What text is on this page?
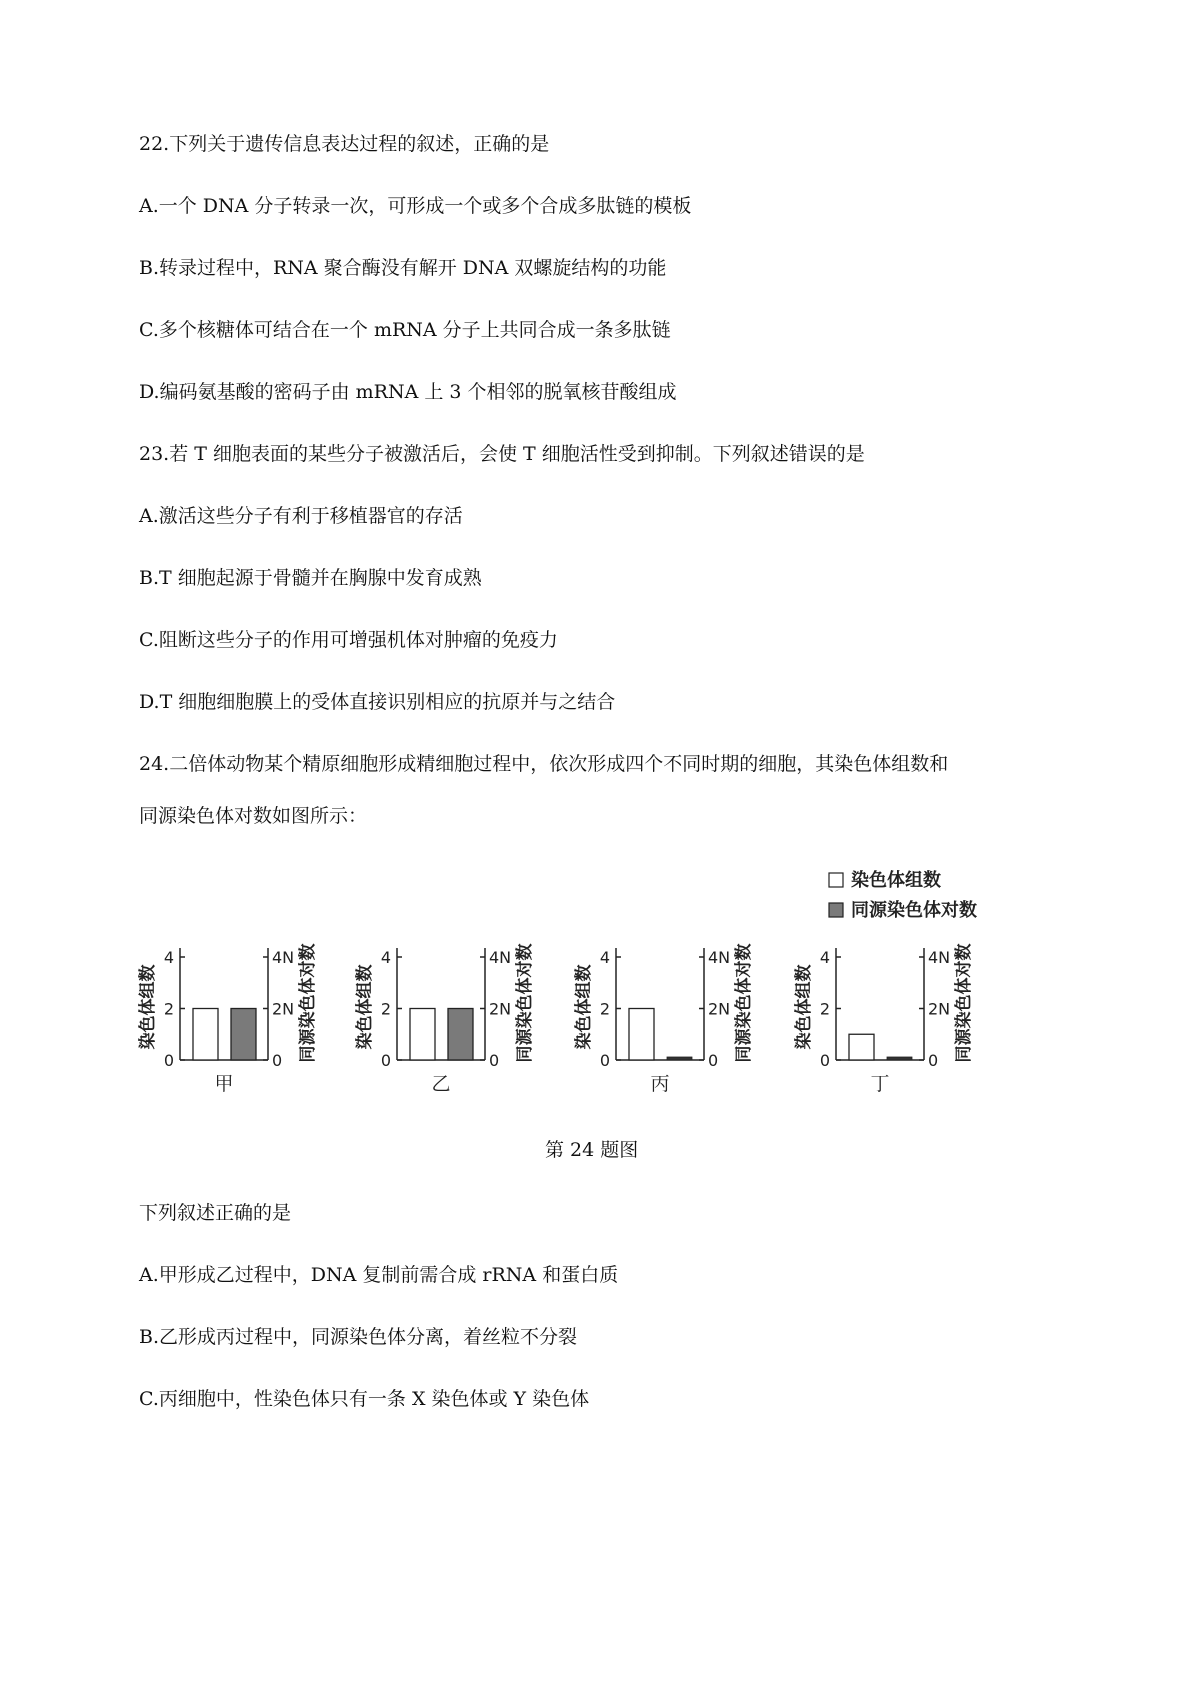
22.下列关于遗传信息表达过程的叙述，正确的是
A.一个 DNA 分子转录一次，可形成一个或多个合成多肽链的模板
B.转录过程中，RNA 聚合酶没有解开 DNA 双螺旋结构的功能
C.多个核糖体可结合在一个 mRNA 分子上共同合成一条多肽链
D.编码氨基酸的密码子由 mRNA 上 3 个相邻的脱氧核苷酸组成
23.若 T 细胞表面的某些分子被激活后，会使 T 细胞活性受到抑制。下列叙述错误的是
A.激活这些分子有利于移植器官的存活
B.T 细胞起源于骨髓并在胸腺中发育成熟
C.阻断这些分子的作用可增强机体对肿瘤的免疫力
D.T 细胞细胞膜上的受体直接识别相应的抗原并与之结合
24.二倍体动物某个精原细胞形成精细胞过程中，依次形成四个不同时期的细胞，其染色体组数和
同源染色体对数如图所示：
染色体组数
同源染色体对数
0	0
2	2N
4	4N
染色体组数	同源染色体对数
甲
0	0
2	2N
4	4N
染色体组数	同源染色体对数
乙
0	0
2	2N
4	4N
染色体组数	同源染色体对数
丙
0	0
2	2N
4	4N
染色体组数	同源染色体对数
丁
第 24 题图
下列叙述正确的是
A.甲形成乙过程中，DNA 复制前需合成 rRNA 和蛋白质
B.乙形成丙过程中，同源染色体分离，着丝粒不分裂
C.丙细胞中，性染色体只有一条 X 染色体或 Y 染色体
